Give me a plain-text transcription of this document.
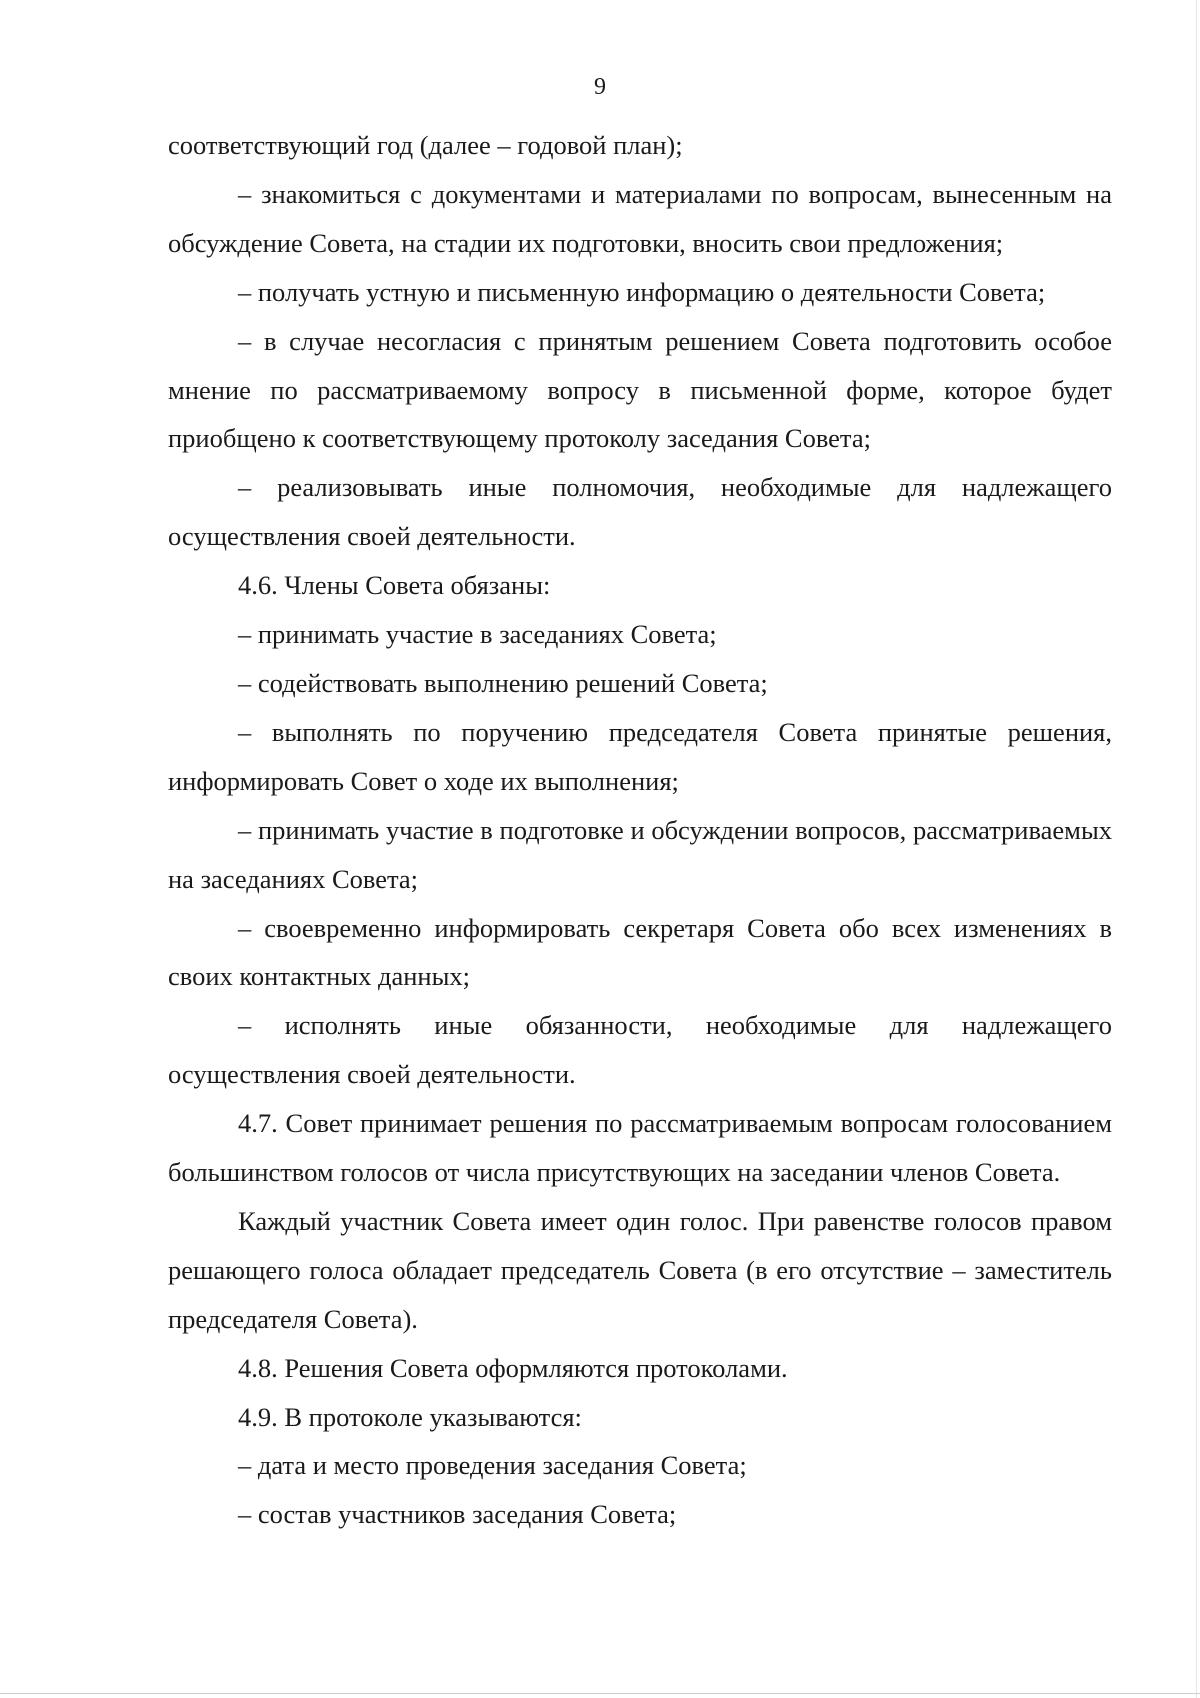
9

соответствующий год (далее – годовой план);

– знакомиться с документами и материалами по вопросам, вынесенным на обсуждение Совета, на стадии их подготовки, вносить свои предложения;

– получать устную и письменную информацию о деятельности Совета;

– в случае несогласия с принятым решением Совета подготовить особое мнение по рассматриваемому вопросу в письменной форме, которое будет приобщено к соответствующему протоколу заседания Совета;

– реализовывать иные полномочия, необходимые для надлежащего осуществления своей деятельности.

4.6. Члены Совета обязаны:

– принимать участие в заседаниях Совета;

– содействовать выполнению решений Совета;

– выполнять по поручению председателя Совета принятые решения, информировать Совет о ходе их выполнения;

– принимать участие в подготовке и обсуждении вопросов, рассматриваемых на заседаниях Совета;

– своевременно информировать секретаря Совета обо всех изменениях в своих контактных данных;

– исполнять иные обязанности, необходимые для надлежащего осуществления своей деятельности.

4.7. Совет принимает решения по рассматриваемым вопросам голосованием большинством голосов от числа присутствующих на заседании членов Совета.

Каждый участник Совета имеет один голос. При равенстве голосов правом решающего голоса обладает председатель Совета (в его отсутствие – заместитель председателя Совета).

4.8. Решения Совета оформляются протоколами.

4.9. В протоколе указываются:

– дата и место проведения заседания Совета;

– состав участников заседания Совета;
